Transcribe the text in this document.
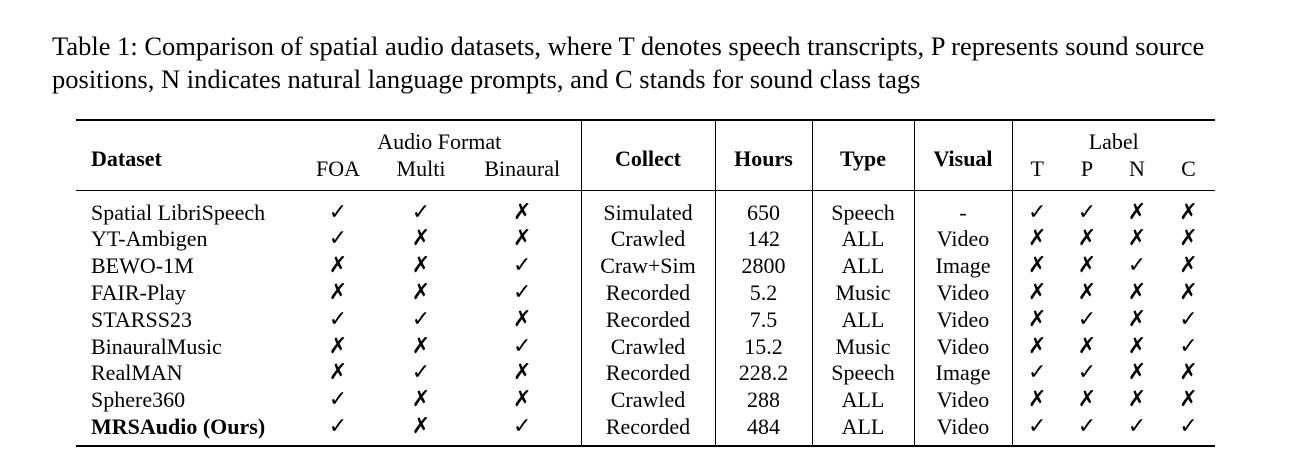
Table 1: Comparison of spatial audio datasets, where T denotes speech transcripts, P represents sound source positions, N indicates natural language prompts, and C stands for sound class tags
Dataset	Audio Format			Collect	Hours	Type	Visual	Label			
	FOA	Multi	Binaural					T	P	N	C
Spatial LibriSpeech	✓	✓	✗	Simulated	650	Speech	-	✓	✓	✗	✗
YT-Ambigen	✓	✗	✗	Crawled	142	ALL	Video	✗	✗	✗	✗
BEWO-1M	✗	✗	✓	Craw+Sim	2800	ALL	Image	✗	✗	✓	✗
FAIR-Play	✗	✗	✓	Recorded	5.2	Music	Video	✗	✗	✗	✗
STARSS23	✓	✓	✗	Recorded	7.5	ALL	Video	✗	✓	✗	✓
BinauralMusic	✗	✗	✓	Crawled	15.2	Music	Video	✗	✗	✗	✓
RealMAN	✗	✓	✗	Recorded	228.2	Speech	Image	✓	✓	✗	✗
Sphere360	✓	✗	✗	Crawled	288	ALL	Video	✗	✗	✗	✗
MRSAudio (Ours)	✓	✗	✓	Recorded	484	ALL	Video	✓	✓	✓	✓
